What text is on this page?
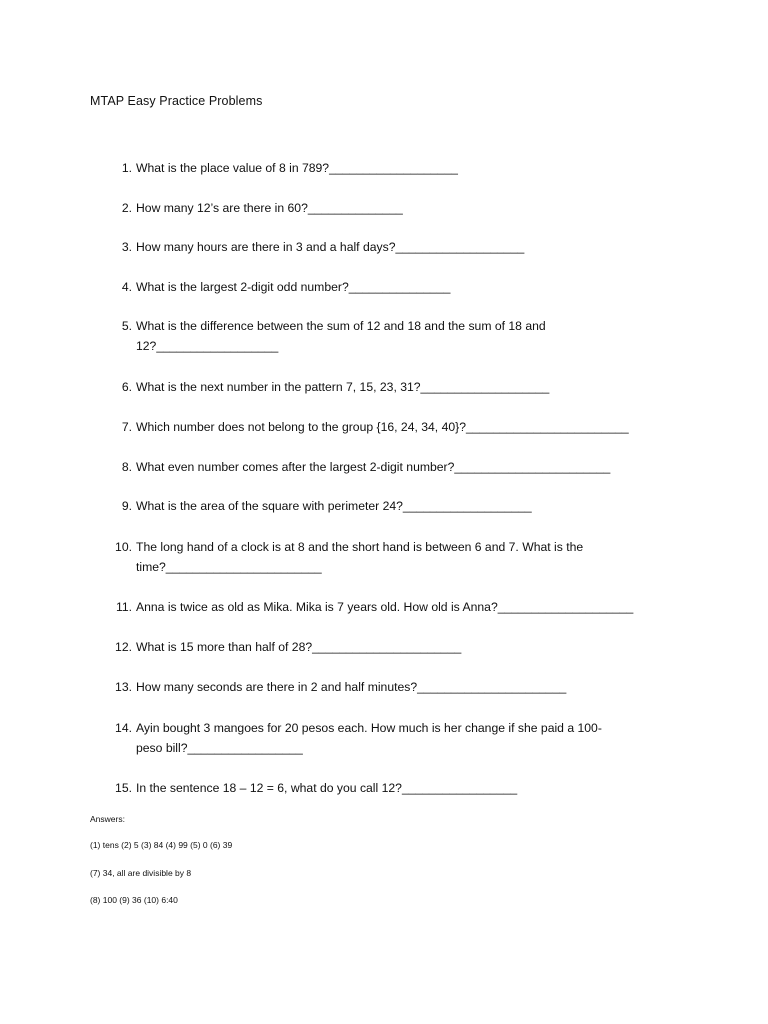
MTAP Easy Practice Problems
1. What is the place value of 8 in 789?___________________
2. How many 12’s are there in 60?______________
3. How many hours are there in 3 and a half days?___________________
4. What is the largest 2-digit odd number?_______________
5. What is the difference between the sum of 12 and 18 and the sum of 18 and
12?__________________
6. What is the next number in the pattern 7, 15, 23, 31?___________________
7. Which number does not belong to the group {16, 24, 34, 40}?________________________
8. What even number comes after the largest 2-digit number?_______________________
9. What is the area of the square with perimeter 24?___________________
10. The long hand of a clock is at 8 and the short hand is between 6 and 7. What is the
time?_______________________
11. Anna is twice as old as Mika. Mika is 7 years old. How old is Anna?____________________
12. What is 15 more than half of 28?______________________
13. How many seconds are there in 2 and half minutes?______________________
14. Ayin bought 3 mangoes for 20 pesos each. How much is her change if she paid a 100-
peso bill?_________________
15. In the sentence 18 – 12 = 6, what do you call 12?_________________
Answers:
(1) tens (2) 5 (3) 84 (4) 99 (5) 0 (6) 39
(7) 34, all are divisible by 8
(8) 100 (9) 36 (10) 6:40
